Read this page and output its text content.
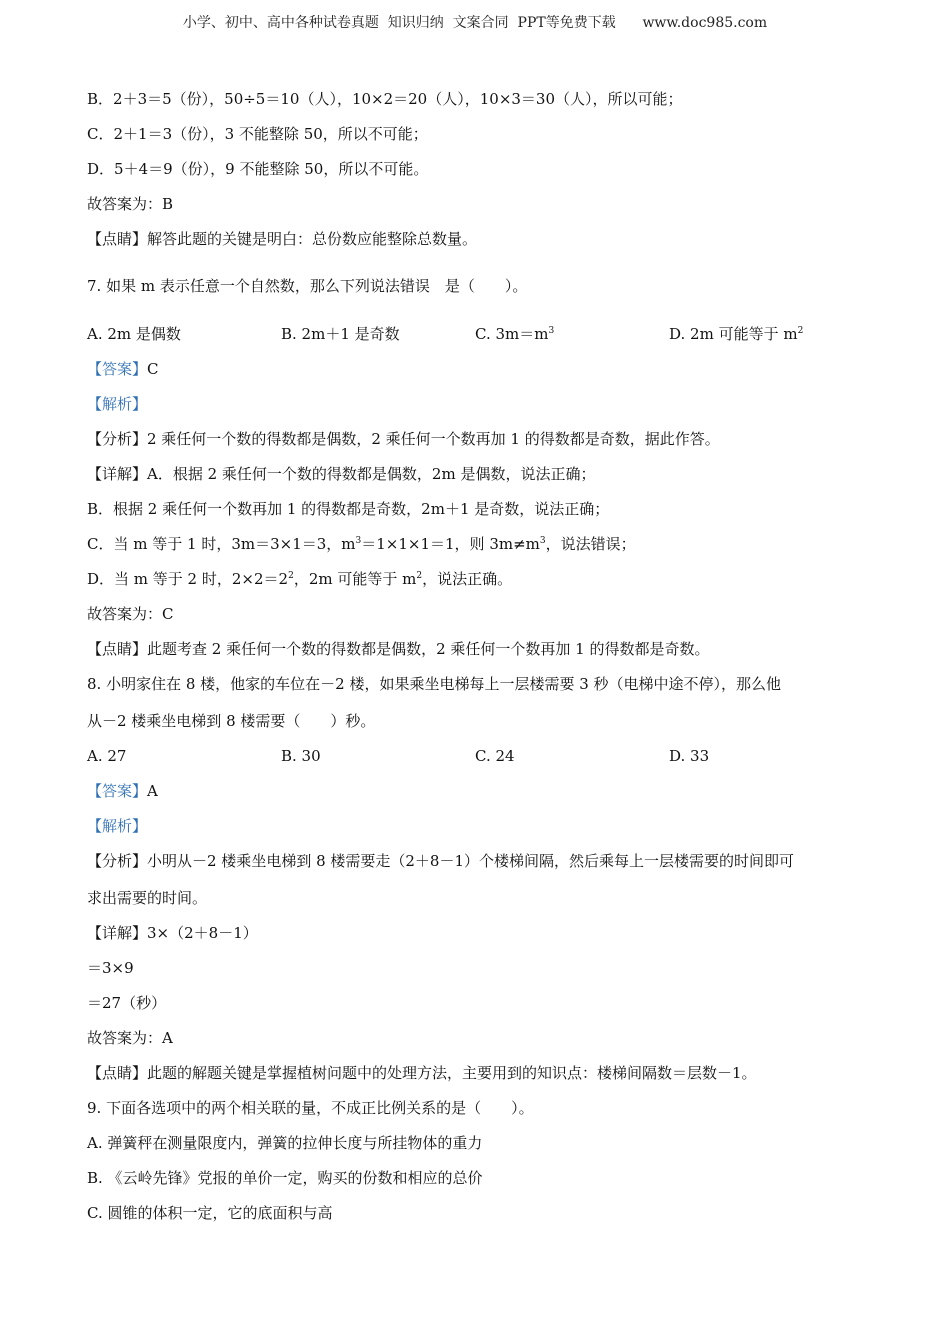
小学、初中、高中各种试卷真题  知识归纳  文案合同  PPT等免费下载      www.doc985.com
B．2＋3＝5（份），50÷5＝10（人），10×2＝20（人），10×3＝30（人），所以可能；
C．2＋1＝3（份），3 不能整除 50，所以不可能；
D．5＋4＝9（份），9 不能整除 50，所以不可能。
故答案为：B
【点睛】解答此题的关键是明白：总份数应能整除总数量。
7. 如果 m 表示任意一个自然数，那么下列说法错误　是（　　）。
A. 2m 是偶数	B. 2m＋1 是奇数	C. $3m=m^3$	D. 2m 可能等于 $m^2$
【答案】C
【解析】
【分析】2 乘任何一个数的得数都是偶数，2 乘任何一个数再加 1 的得数都是奇数，据此作答。
【详解】A．根据 2 乘任何一个数的得数都是偶数，2m 是偶数，说法正确；
B．根据 2 乘任何一个数再加 1 的得数都是奇数，2m＋1 是奇数，说法正确；
C．当 m 等于 1 时，3m＝3×1＝3，$m^3=1\times 1\times 1=1$，则 $3m\ne m^3$，说法错误；
D．当 m 等于 2 时，$2\times 2=2^2$，2m 可能等于 $m^2$，说法正确。
故答案为：C
【点睛】此题考查 2 乘任何一个数的得数都是偶数，2 乘任何一个数再加 1 的得数都是奇数。
8. 小明家住在 8 楼，他家的车位在－2 楼，如果乘坐电梯每上一层楼需要 3 秒（电梯中途不停），那么他
从－2 楼乘坐电梯到 8 楼需要（　　）秒。
A. 27	B. 30	C. 24	D. 33
【答案】A
【解析】
【分析】小明从－2 楼乘坐电梯到 8 楼需要走（2＋8－1）个楼梯间隔，然后乘每上一层楼需要的时间即可
求出需要的时间。
【详解】3×（2＋8－1）
＝3×9
＝27（秒）
故答案为：A
【点睛】此题的解题关键是掌握植树问题中的处理方法，主要用到的知识点：楼梯间隔数＝层数－1。
9. 下面各选项中的两个相关联的量，不成正比例关系的是（　　）。
A. 弹簧秤在测量限度内，弹簧的拉伸长度与所挂物体的重力
B. 《云岭先锋》党报的单价一定，购买的份数和相应的总价
C. 圆锥的体积一定，它的底面积与高
